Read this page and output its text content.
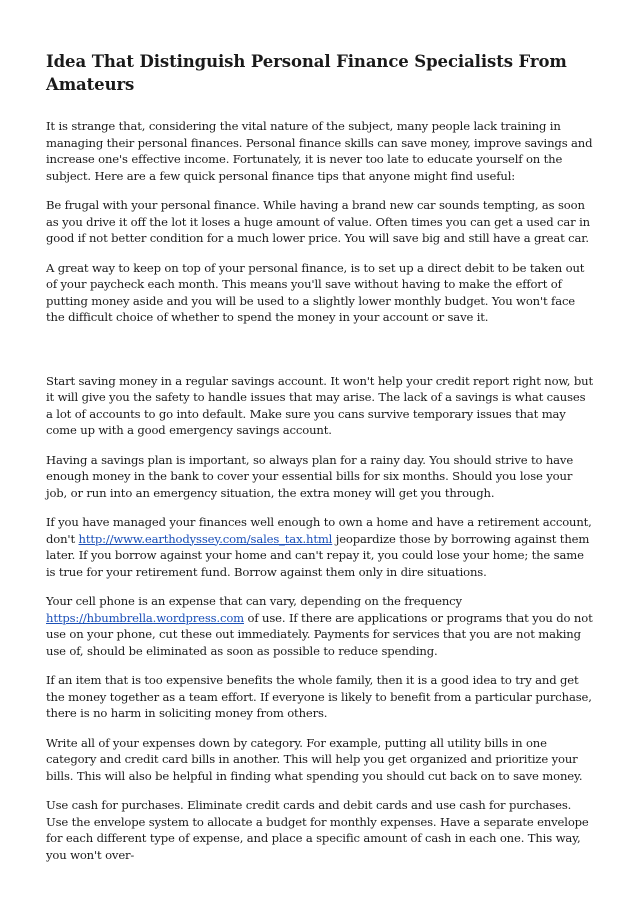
Idea That Distinguish Personal Finance Specialists From Amateurs

It is strange that, considering the vital nature of the subject, many people lack training in managing their personal finances. Personal finance skills can save money, improve savings and increase one's effective income. Fortunately, it is never too late to educate yourself on the subject. Here are a few quick personal finance tips that anyone might find useful:

Be frugal with your personal finance. While having a brand new car sounds tempting, as soon as you drive it off the lot it loses a huge amount of value. Often times you can get a used car in good if not better condition for a much lower price. You will save big and still have a great car.

A great way to keep on top of your personal finance, is to set up a direct debit to be taken out of your paycheck each month. This means you'll save without having to make the effort of putting money aside and you will be used to a slightly lower monthly budget. You won't face the difficult choice of whether to spend the money in your account or save it.

Start saving money in a regular savings account. It won't help your credit report right now, but it will give you the safety to handle issues that may arise. The lack of a savings is what causes a lot of accounts to go into default. Make sure you cans survive temporary issues that may come up with a good emergency savings account.

Having a savings plan is important, so always plan for a rainy day. You should strive to have enough money in the bank to cover your essential bills for six months. Should you lose your job, or run into an emergency situation, the extra money will get you through.

If you have managed your finances well enough to own a home and have a retirement account, don't http://www.earthodyssey.com/sales_tax.html jeopardize those by borrowing against them later. If you borrow against your home and can't repay it, you could lose your home; the same is true for your retirement fund. Borrow against them only in dire situations.

Your cell phone is an expense that can vary, depending on the frequency https://hbumbrella.wordpress.com of use. If there are applications or programs that you do not use on your phone, cut these out immediately. Payments for services that you are not making use of, should be eliminated as soon as possible to reduce spending.

If an item that is too expensive benefits the whole family, then it is a good idea to try and get the money together as a team effort. If everyone is likely to benefit from a particular purchase, there is no harm in soliciting money from others.

Write all of your expenses down by category. For example, putting all utility bills in one category and credit card bills in another. This will help you get organized and prioritize your bills. This will also be helpful in finding what spending you should cut back on to save money.

Use cash for purchases. Eliminate credit cards and debit cards and use cash for purchases. Use the envelope system to allocate a budget for monthly expenses. Have a separate envelope for each different type of expense, and place a specific amount of cash in each one. This way, you won't over-
